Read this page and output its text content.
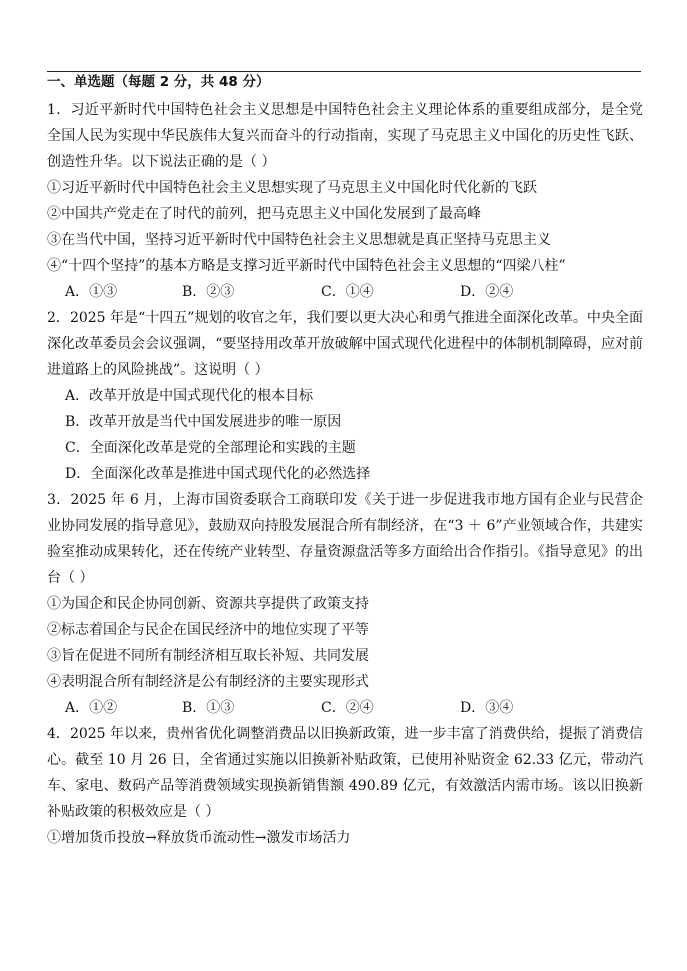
一、单选题（每题 2 分，共 48 分）

1．习近平新时代中国特色社会主义思想是中国特色社会主义理论体系的重要组成部分，是全党全国人民为实现中华民族伟大复兴而奋斗的行动指南，实现了马克思主义中国化的历史性飞跃、创造性升华。以下说法正确的是（ ）

①习近平新时代中国特色社会主义思想实现了马克思主义中国化时代化新的飞跃
②中国共产党走在了时代的前列，把马克思主义中国化发展到了最高峰
③在当代中国，坚持习近平新时代中国特色社会主义思想就是真正坚持马克思主义
④“十四个坚持”的基本方略是支撑习近平新时代中国特色社会主义思想的“四梁八柱”
A．①③	B．②③	C．①④	D．②④

2．2025 年是“十四五”规划的收官之年，我们要以更大决心和勇气推进全面深化改革。中央全面深化改革委员会会议强调，“要坚持用改革开放破解中国式现代化进程中的体制机制障碍，应对前进道路上的风险挑战”。这说明（ ）

A．改革开放是中国式现代化的根本目标
B．改革开放是当代中国发展进步的唯一原因
C．全面深化改革是党的全部理论和实践的主题
D．全面深化改革是推进中国式现代化的必然选择

3．2025 年 6 月，上海市国资委联合工商联印发《关于进一步促进我市地方国有企业与民营企业协同发展的指导意见》，鼓励双向持股发展混合所有制经济，在“3 ＋ 6”产业领域合作，共建实验室推动成果转化，还在传统产业转型、存量资源盘活等多方面给出合作指引。《指导意见》的出台（ ）

①为国企和民企协同创新、资源共享提供了政策支持
②标志着国企与民企在国民经济中的地位实现了平等
③旨在促进不同所有制经济相互取长补短、共同发展
④表明混合所有制经济是公有制经济的主要实现形式
A．①②	B．①③	C．②④	D．③④

4．2025 年以来，贵州省优化调整消费品以旧换新政策，进一步丰富了消费供给，提振了消费信心。截至 10 月 26 日，全省通过实施以旧换新补贴政策，已使用补贴资金 62.33 亿元，带动汽车、家电、数码产品等消费领域实现换新销售额 490.89 亿元，有效激活内需市场。该以旧换新补贴政策的积极效应是（ ）

①增加货币投放→释放货币流动性→激发市场活力
